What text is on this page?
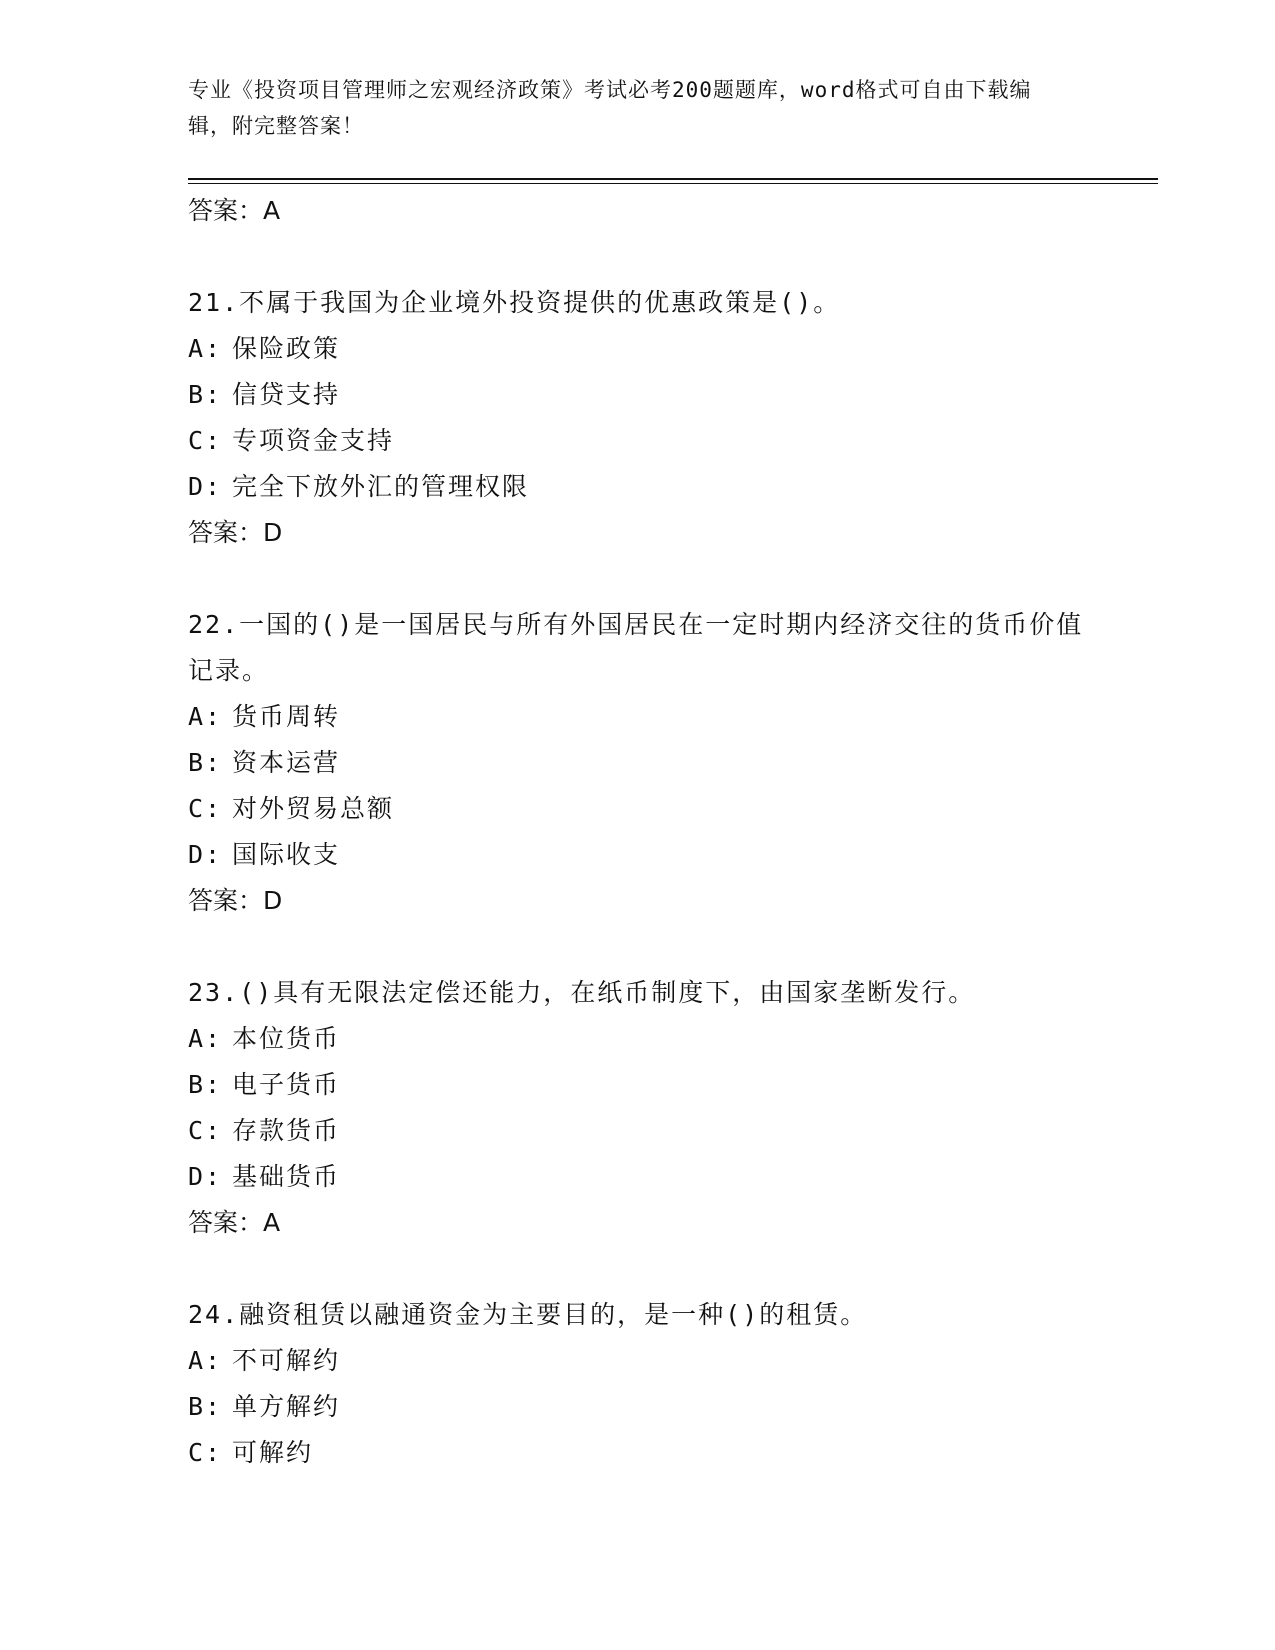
专业《投资项目管理师之宏观经济政策》考试必考200题题库，word格式可自由下载编辑，附完整答案！
答案：A
21.不属于我国为企业境外投资提供的优惠政策是()。
A: 保险政策
B: 信贷支持
C: 专项资金支持
D: 完全下放外汇的管理权限
答案：D
22.一国的()是一国居民与所有外国居民在一定时期内经济交往的货币价值记录。
A: 货币周转
B: 资本运营
C: 对外贸易总额
D: 国际收支
答案：D
23.()具有无限法定偿还能力，在纸币制度下，由国家垄断发行。
A: 本位货币
B: 电子货币
C: 存款货币
D: 基础货币
答案：A
24.融资租赁以融通资金为主要目的，是一种()的租赁。
A: 不可解约
B: 单方解约
C: 可解约
